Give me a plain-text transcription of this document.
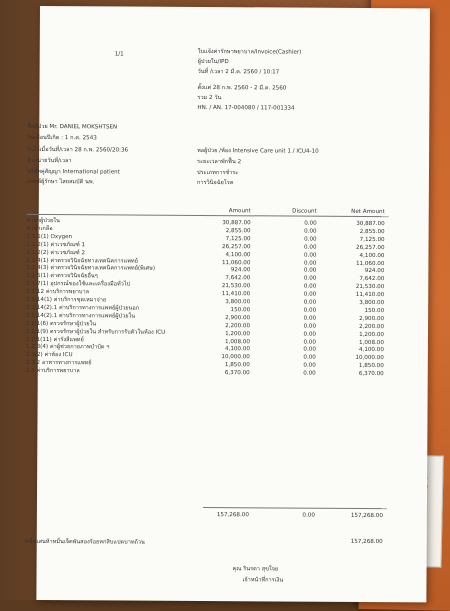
1/1	ใบแจ้งค่ารักษาพยาบาล/Invoice(Cashier)
ผู้ป่วยใน/IPD
วันที่ /เวลา 2 มี.ค. 2560 / 10:17
ตั้งแต่ 28 ก.พ. 2560 - 2 มี.ค. 2560
รวม 2 วัน
HN. / AN. 17-004080 / 117-001334
ชื่อผู้ป่วย Mr. DANIEL MOKSHTSEN
วันเดือนปีเกิด : 1 ก.ค. 2543
รับไว้เมื่อวันที่/เวลา 28 ก.พ. 2560/20:36	หอผู้ป่วย /ห้อง Intensive Care unit 1 / ICU4-10
จำหน่ายวันที่/เวลา	ระยะเวลาพักฟื้น 2
บริษัทคู่สัญญา International patient	ประเภทการชำระ
แพทย์ผู้รักษา ไสยสมบัติ นพ.	การวินิจฉัยโรค
Amount	Discount	Net Amount
ค่ายาผู้ป่วยใน	30,887.00	0.00	30,887.00
ค่าน้ำเกลือ	2,855.00	0.00	2,855.00
1.1.1(1) Oxygen	7,125.00	0.00	7,125.00
1.1.2(1) ค่าเวชภัณฑ์ 1	26,257.00	0.00	26,257.00
1.1.2(2) ค่าเวชภัณฑ์ 2	4,100.00	0.00	4,100.00
1.1.4(1) ค่าตรวจวินิจฉัยทางเทคนิคการแพทย์	11,060.00	0.00	11,060.00
1.1.4(3) ค่าตรวจวินิจฉัยทางเทคนิคการแพทย์(พิเศษ)	924.00	0.00	924.00
1.1.5(1) ค่าตรวจวินิจฉัยอื่นๆ	7,642.00	0.00	7,642.00
1.1.7(1) อุปกรณ์ของใช้และเครื่องมือทั่วไป	21,530.00	0.00	21,530.00
1.1.12 ค่าบริการพยาบาล	11,410.00	0.00	11,410.00
1.1.14(1) ค่าบริการชุดเหมาจ่าย	3,800.00	0.00	3,800.00
1.1.14(2).1 ค่าบริการทางการแพทย์ผู้ป่วยนอก	150.00	0.00	150.00
1.1.14(2).1 ค่าบริการทางการแพทย์ผู้ป่วยใน	2,900.00	0.00	2,900.00
1.2.1(6) ตรวจรักษาผู้ป่วยใน	2,200.00	0.00	2,200.00
1.2.1(9) ตรวจรักษาผู้ป่วยใน สำหรับการรับตัวในห้อง ICU	1,200.00	0.00	1,200.00
1.2.1(11) ค่ารังสีแพทย์	1,008.00	0.00	1,008.00
1.2.3(4) ค่าผู้ช่วยกายภาพบำบัด ฯ	4,100.00	0.00	4,100.00
2.1(2) ค่าห้อง ICU	10,000.00	0.00	10,000.00
2.3.2 อาหารทางการแพทย์	1,850.00	0.00	1,850.00
2.5 ค่าบริการพยาบาล	6,370.00	0.00	6,370.00
157,268.00	0.00	157,268.00
หนึ่งแสนห้าหมื่นเจ็ดพันสองร้อยหกสิบแปดบาทถ้วน	157,268.00
คุณ รินรดา สุขใจย
เจ้าหน้าที่การเงิน
